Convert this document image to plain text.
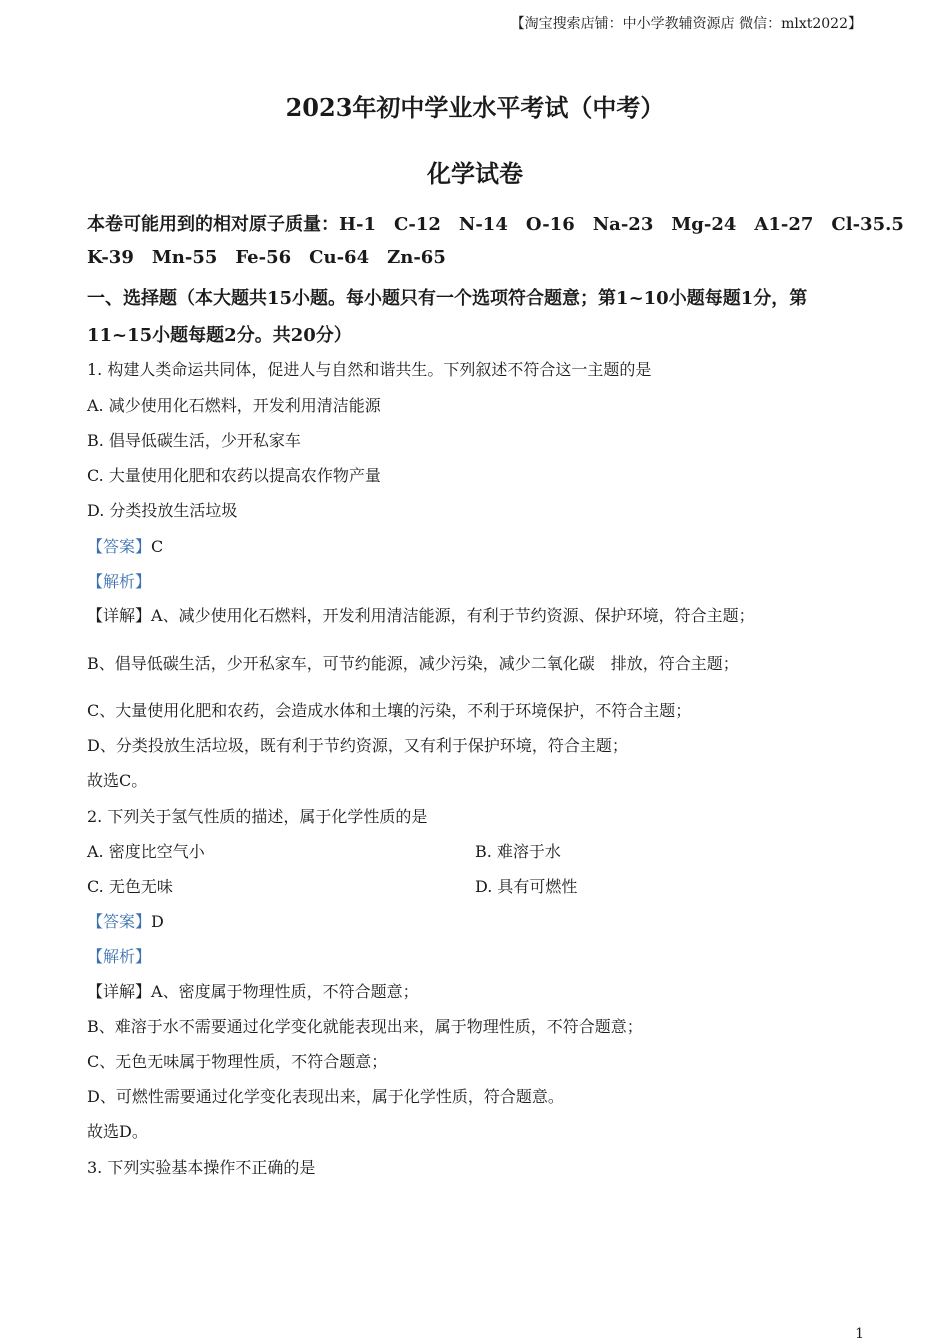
【淘宝搜索店铺：中小学教辅资源店 微信：mlxt2022】
2023年初中学业水平考试（中考）
化学试卷
本卷可能用到的相对原子质量：H-1 C-12 N-14 O-16 Na-23 Mg-24 A1-27 Cl-35.5
K-39 Mn-55 Fe-56 Cu-64 Zn-65
一、选择题（本大题共15小题。每小题只有一个选项符合题意；第1~10小题每题1分，第
11~15小题每题2分。共20分）
1. 构建人类命运共同体，促进人与自然和谐共生。下列叙述不符合这一主题的是
A. 减少使用化石燃料，开发利用清洁能源
B. 倡导低碳生活，少开私家车
C. 大量使用化肥和农药以提高农作物产量
D. 分类投放生活垃圾
【答案】C
【解析】
【详解】A、减少使用化石燃料，开发利用清洁能源，有利于节约资源、保护环境，符合主题；
B、倡导低碳生活，少开私家车，可节约能源，减少污染，减少二氧化碳　排放，符合主题；
C、大量使用化肥和农药，会造成水体和土壤的污染，不利于环境保护，不符合主题；
D、分类投放生活垃圾，既有利于节约资源，又有利于保护环境，符合主题；
故选C。
2. 下列关于氢气性质的描述，属于化学性质的是
A. 密度比空气小	B. 难溶于水
C. 无色无味	D. 具有可燃性
【答案】D
【解析】
【详解】A、密度属于物理性质，不符合题意；
B、难溶于水不需要通过化学变化就能表现出来，属于物理性质，不符合题意；
C、无色无味属于物理性质，不符合题意；
D、可燃性需要通过化学变化表现出来，属于化学性质，符合题意。
故选D。
3. 下列实验基本操作不正确的是
1
